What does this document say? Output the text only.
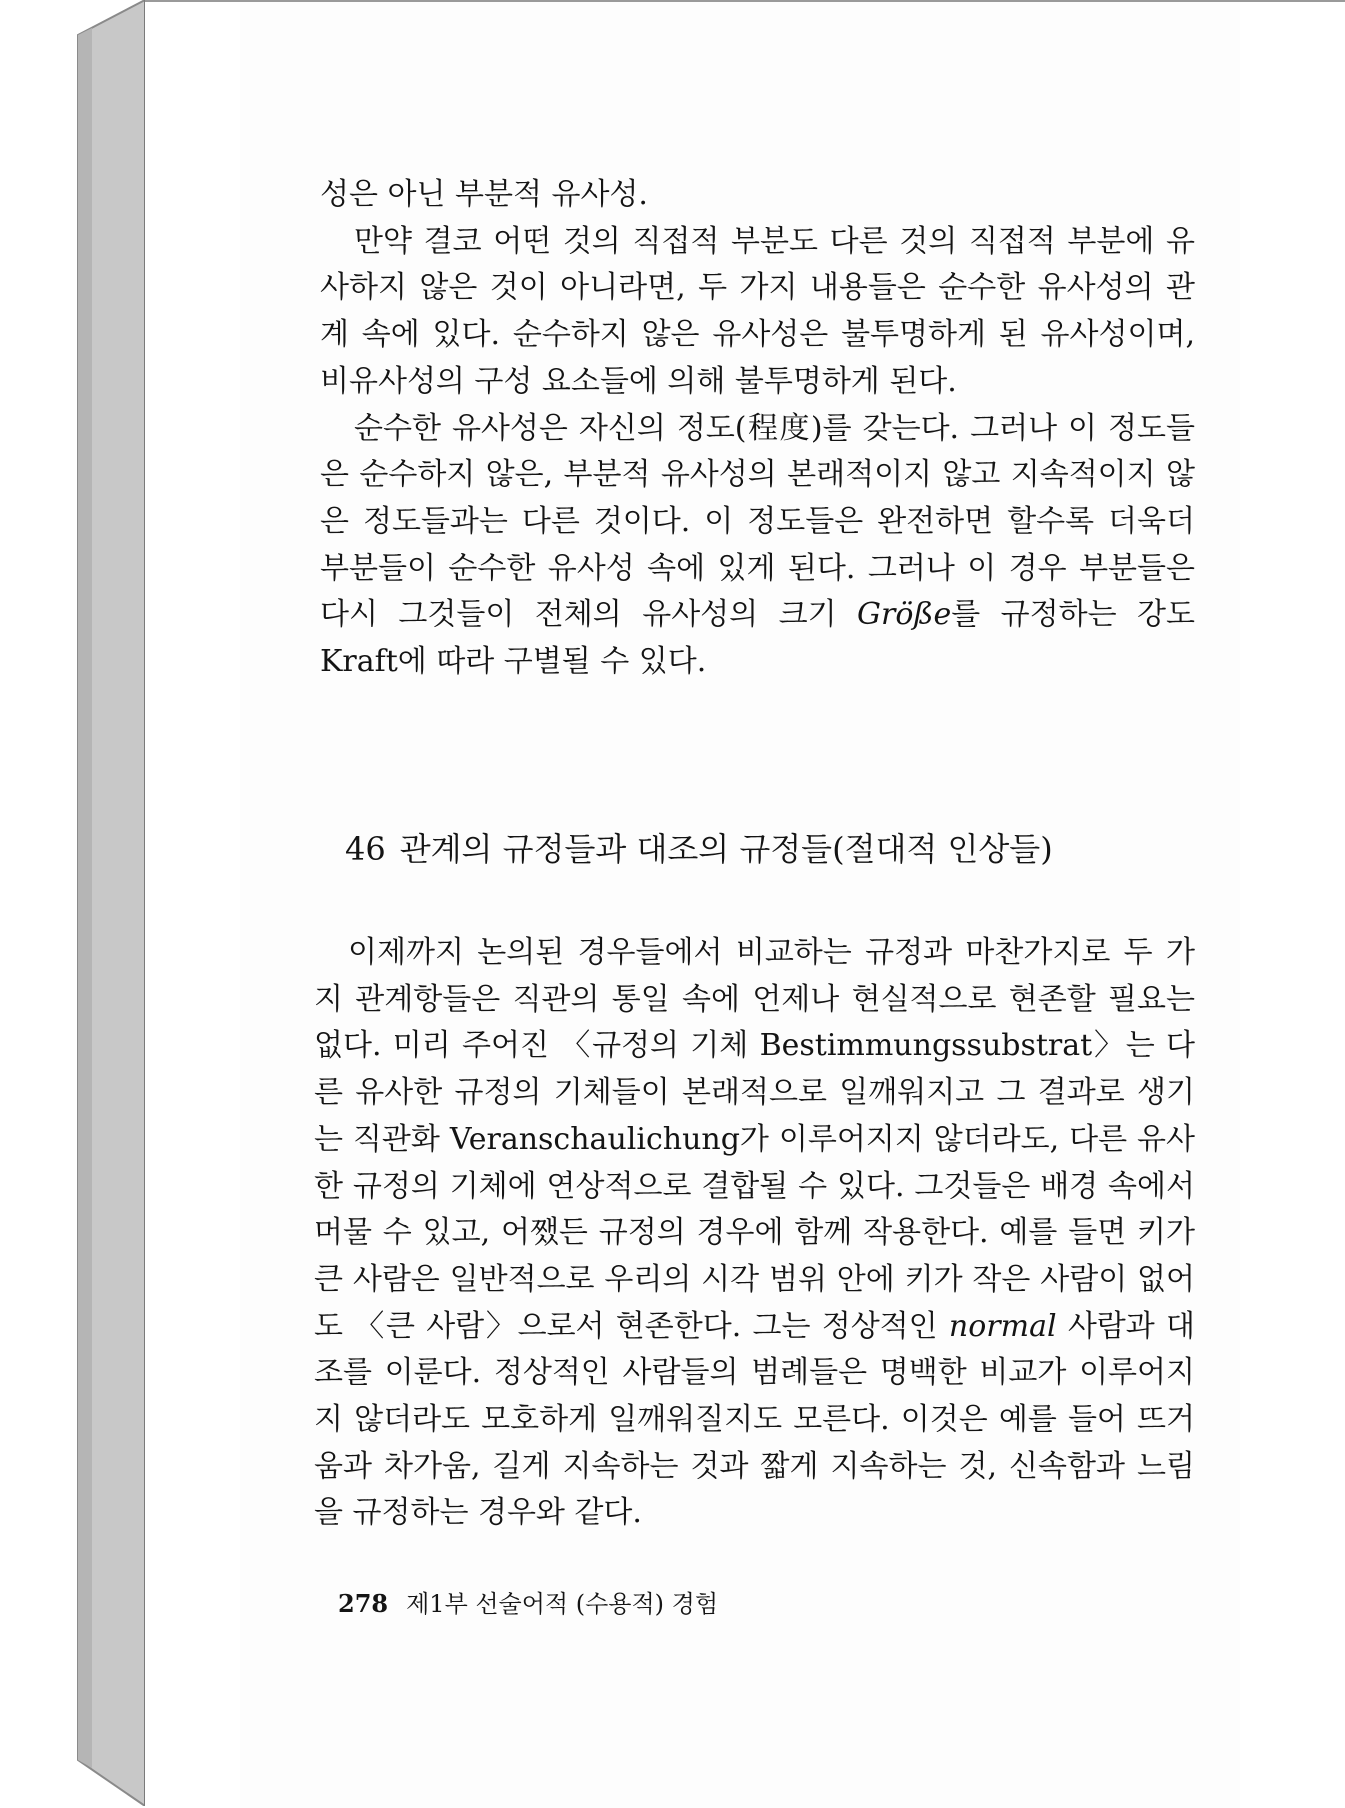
성은 아닌 부분적 유사성.

만약 결코 어떤 것의 직접적 부분도 다른 것의 직접적 부분에 유사하지 않은 것이 아니라면, 두 가지 내용들은 순수한 유사성의 관계 속에 있다. 순수하지 않은 유사성은 불투명하게 된 유사성이며, 비유사성의 구성 요소들에 의해 불투명하게 된다.

순수한 유사성은 자신의 정도(程度)를 갖는다. 그러나 이 정도들은 순수하지 않은, 부분적 유사성의 본래적이지 않고 지속적이지 않은 정도들과는 다른 것이다. 이 정도들은 완전하면 할수록 더욱더 부분들이 순수한 유사성 속에 있게 된다. 그러나 이 경우 부분들은 다시 그것들이 전체의 유사성의 크기 Größe를 규정하는 강도 Kraft에 따라 구별될 수 있다.

46 관계의 규정들과 대조의 규정들(절대적 인상들)

이제까지 논의된 경우들에서 비교하는 규정과 마찬가지로 두 가지 관계항들은 직관의 통일 속에 언제나 현실적으로 현존할 필요는 없다. 미리 주어진 〈규정의 기체 Bestimmungssubstrat〉는 다른 유사한 규정의 기체들이 본래적으로 일깨워지고 그 결과로 생기는 직관화 Veranschaulichung가 이루어지지 않더라도, 다른 유사한 규정의 기체에 연상적으로 결합될 수 있다. 그것들은 배경 속에서 머물 수 있고, 어쨌든 규정의 경우에 함께 작용한다. 예를 들면 키가 큰 사람은 일반적으로 우리의 시각 범위 안에 키가 작은 사람이 없어도 〈큰 사람〉으로서 현존한다. 그는 정상적인 normal 사람과 대조를 이룬다. 정상적인 사람들의 범례들은 명백한 비교가 이루어지지 않더라도 모호하게 일깨워질지도 모른다. 이것은 예를 들어 뜨거움과 차가움, 길게 지속하는 것과 짧게 지속하는 것, 신속함과 느림을 규정하는 경우와 같다.

278 제1부 선술어적 (수용적) 경험
